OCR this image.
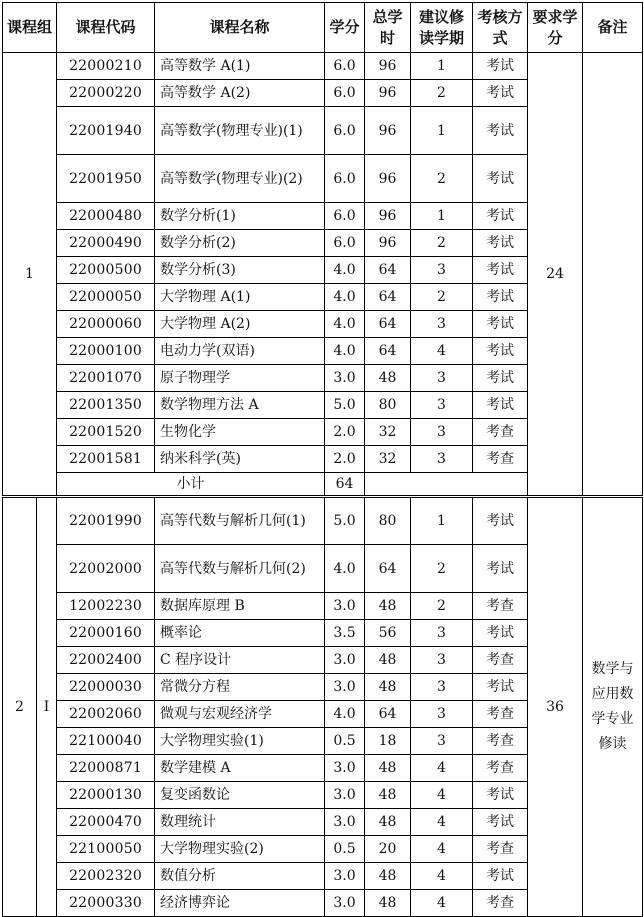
课程组		课程代码	课程名称	学分	总学时	建议修读学期	考核方式	要求学分	备注
1		22000210	高等数学 A(1)	6.0	96	1	考试	24	
		22000220	高等数学 A(2)	6.0	96	2	考试		
		22001940	高等数学(物理专业)(1)	6.0	96	1	考试		
		22001950	高等数学(物理专业)(2)	6.0	96	2	考试		
		22000480	数学分析(1)	6.0	96	1	考试		
		22000490	数学分析(2)	6.0	96	2	考试		
		22000500	数学分析(3)	4.0	64	3	考试		
		22000050	大学物理 A(1)	4.0	64	2	考试		
		22000060	大学物理 A(2)	4.0	64	3	考试		
		22000100	电动力学(双语)	4.0	64	4	考试		
		22001070	原子物理学	3.0	48	3	考试		
		22001350	数学物理方法 A	5.0	80	3	考试		
		22001520	生物化学	2.0	32	3	考查		
		22001581	纳米科学(英)	2.0	32	3	考查		
		小计		64					
2	I	22001990	高等代数与解析几何(1)	5.0	80	1	考试	36	数学与应用数学专业修读
		22002000	高等代数与解析几何(2)	4.0	64	2	考试		
		12002230	数据库原理 B	3.0	48	2	考查		
		22000160	概率论	3.5	56	3	考试		
		22002400	C 程序设计	3.0	48	3	考查		
		22000030	常微分方程	3.0	48	3	考试		
		22002060	微观与宏观经济学	4.0	64	3	考查		
		22100040	大学物理实验(1)	0.5	18	3	考查		
		22000871	数学建模 A	3.0	48	4	考查		
		22000130	复变函数论	3.0	48	4	考试		
		22000470	数理统计	3.0	48	4	考试		
		22100050	大学物理实验(2)	0.5	20	4	考查		
		22002320	数值分析	3.0	48	4	考试		
		22000330	经济博弈论	3.0	48	4	考查		
